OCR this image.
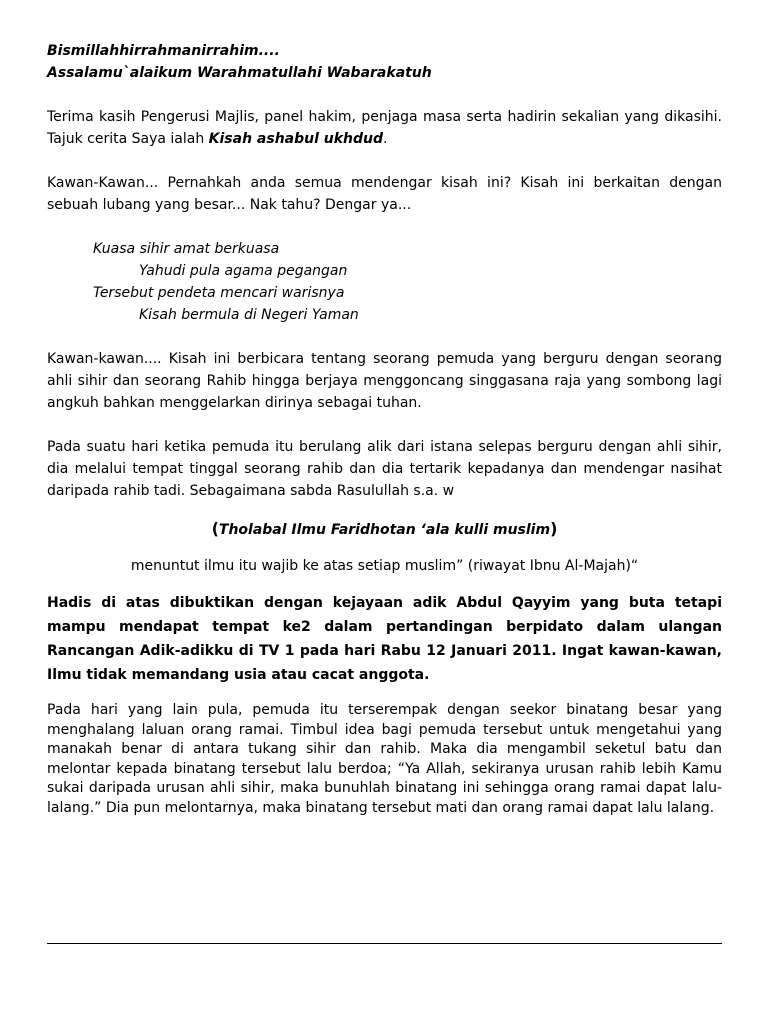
Bismillahhirrahmanirrahim....

Assalamu`alaikum Warahmatullahi Wabarakatuh

Terima kasih Pengerusi Majlis, panel hakim, penjaga masa serta hadirin sekalian yang dikasihi. Tajuk cerita Saya ialah Kisah ashabul ukhdud.

Kawan-Kawan... Pernahkah anda semua mendengar kisah ini? Kisah ini berkaitan dengan sebuah lubang yang besar... Nak tahu? Dengar ya...

Kuasa sihir amat berkuasa
Yahudi pula agama pegangan
Tersebut pendeta mencari warisnya
Kisah bermula di Negeri Yaman

Kawan-kawan.... Kisah ini berbicara tentang seorang pemuda yang berguru dengan seorang ahli sihir dan seorang Rahib hingga berjaya menggoncang singgasana raja yang sombong lagi angkuh bahkan menggelarkan dirinya sebagai tuhan.

Pada suatu hari ketika pemuda itu berulang alik dari istana selepas berguru dengan ahli sihir, dia melalui tempat tinggal seorang rahib dan dia tertarik kepadanya dan mendengar nasihat daripada rahib tadi. Sebagaimana sabda Rasulullah s.a. w

(Tholabal Ilmu Faridhotan ‘ala kulli muslim)

menuntut ilmu itu wajib ke atas setiap muslim” (riwayat Ibnu Al-Majah)“

Hadis di atas dibuktikan dengan kejayaan adik Abdul Qayyim yang buta tetapi mampu mendapat tempat ke2 dalam pertandingan berpidato dalam ulangan Rancangan Adik-adikku di TV 1 pada hari Rabu 12 Januari 2011. Ingat kawan-kawan, Ilmu tidak memandang usia atau cacat anggota.

Pada hari yang lain pula, pemuda itu terserempak dengan seekor binatang besar yang menghalang laluan orang ramai. Timbul idea bagi pemuda tersebut untuk mengetahui yang manakah benar di antara tukang sihir dan rahib. Maka dia mengambil seketul batu dan melontar kepada binatang tersebut lalu berdoa; “Ya Allah, sekiranya urusan rahib lebih Kamu sukai daripada urusan ahli sihir, maka bunuhlah binatang ini sehingga orang ramai dapat lalu-lalang.” Dia pun melontarnya, maka binatang tersebut mati dan orang ramai dapat lalu lalang.
